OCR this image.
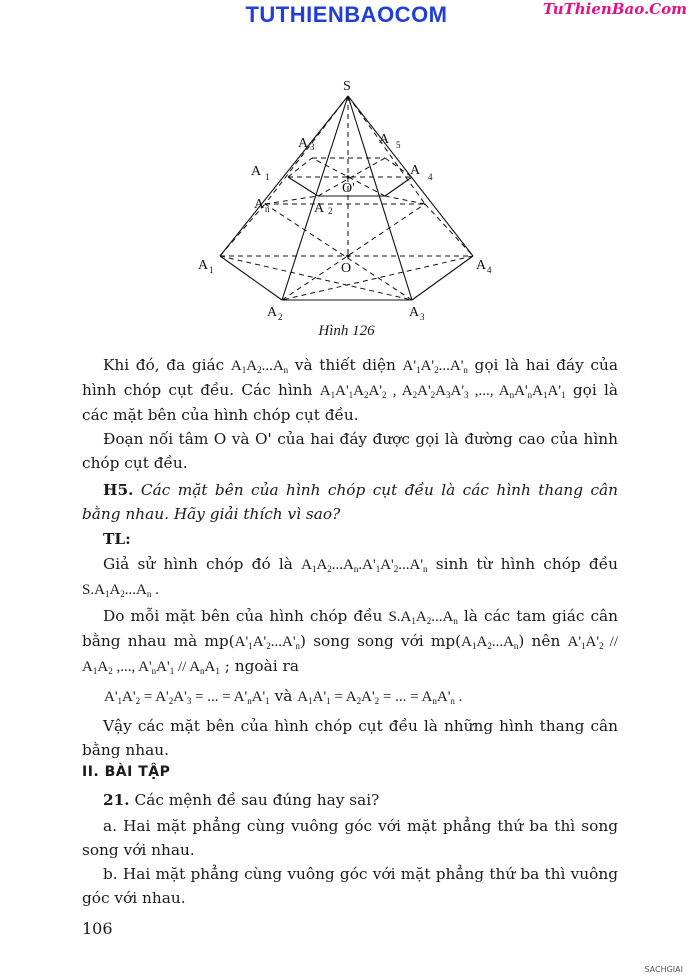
TUTHIENBAOCOM	TuThienBao.Com
S
A 3	A 5
A 1	A 4
O'
A n	A 2
A 1	O	A 4
A 2	A 3
Hình 126
Khi đó, đa giác $A_1A_2...A_n$ và thiết diện $A'_1A'_2...A'_n$ gọi là hai đáy của hình chóp cụt đều. Các hình $A_1A'_1A_2A'_2$ , $A_2A'_2A_3A'_3$ ,..., $A_nA'_nA_1A'_1$ gọi là các mặt bên của hình chóp cụt đều.
Đoạn nối tâm O và O' của hai đáy được gọi là đường cao của hình chóp cụt đều.
H5. Các mặt bên của hình chóp cụt đều là các hình thang cân bằng nhau. Hãy giải thích vì sao?
TL:
Giả sử hình chóp đó là $A_1A_2...A_n.A'_1A'_2...A'_n$ sinh từ hình chóp đều $S.A_1A_2...A_n$ .
Do mỗi mặt bên của hình chóp đều $S.A_1A_2...A_n$ là các tam giác cân bằng nhau mà $mp(A'_1A'_2...A'_n)$ song song với $mp(A_1A_2...A_n)$ nên $A'_1A'_2 // A_1A_2$ ,..., $A'_nA'_1 // A_nA_1$ ; ngoài ra
$A'_1A'_2 = A'_2A'_3$ = ... = $A'_nA'_1$ và $A_1A'_1 = A_2A'_2$ = ... = $A_nA'_n$ .
Vậy các mặt bên của hình chóp cụt đều là những hình thang cân bằng nhau.
II. BÀI TẬP
21. Các mệnh đề sau đúng hay sai?
a. Hai mặt phẳng cùng vuông góc với mặt phẳng thứ ba thì song song với nhau.
b. Hai mặt phẳng cùng vuông góc với mặt phẳng thứ ba thì vuông góc với nhau.
106
SACHGIAI
